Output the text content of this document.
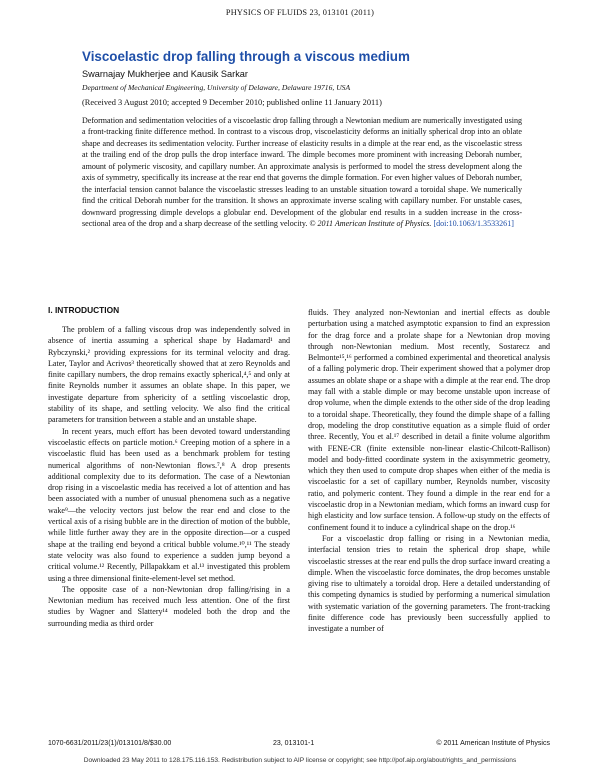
PHYSICS OF FLUIDS 23, 013101 (2011)
Viscoelastic drop falling through a viscous medium
Swarnajay Mukherjee and Kausik Sarkar
Department of Mechanical Engineering, University of Delaware, Delaware 19716, USA
(Received 3 August 2010; accepted 9 December 2010; published online 11 January 2011)

Deformation and sedimentation velocities of a viscoelastic drop falling through a Newtonian medium are numerically investigated using a front-tracking finite difference method. In contrast to a viscous drop, viscoelasticity deforms an initially spherical drop into an oblate shape and decreases its sedimentation velocity. Further increase of elasticity results in a dimple at the rear end, as the viscoelastic stress at the trailing end of the drop pulls the drop interface inward. The dimple becomes more prominent with increasing Deborah number, amount of polymeric viscosity, and capillary number. An approximate analysis is performed to model the stress development along the axis of symmetry, specifically its increase at the rear end that governs the dimple formation. For even higher values of Deborah number, the interfacial tension cannot balance the viscoelastic stresses leading to an unstable situation toward a toroidal shape. We numerically find the critical Deborah number for the transition. It shows an approximate inverse scaling with capillary number. For unstable cases, downward progressing dimple develops a globular end. Development of the globular end results in a sudden increase in the cross-sectional area of the drop and a sharp decrease of the settling velocity. © 2011 American Institute of Physics. [doi:10.1063/1.3533261]

I. INTRODUCTION

The problem of a falling viscous drop was independently solved in absence of inertia assuming a spherical shape by Hadamard¹ and Rybczynski,² providing expressions for its terminal velocity and drag. Later, Taylor and Acrivos³ theoretically showed that at zero Reynolds and finite capillary numbers, the drop remains exactly spherical,⁴,⁵ and only at finite Reynolds number it assumes an oblate shape. In this paper, we investigate departure from sphericity of a settling viscoelastic drop, stability of its shape, and settling velocity. We also find the critical parameters for transition between a stable and an unstable shape.

In recent years, much effort has been devoted toward understanding viscoelastic effects on particle motion.⁶ Creeping motion of a sphere in a viscoelastic fluid has been used as a benchmark problem for testing numerical algorithms of non-Newtonian flows.⁷,⁸ A drop presents additional complexity due to its deformation. The case of a Newtonian drop rising in a viscoelastic media has received a lot of attention and has been associated with a number of unusual phenomena such as a negative wake⁹—the velocity vectors just below the rear end and close to the vertical axis of a rising bubble are in the direction of motion of the bubble, while little further away they are in the opposite direction—or a cusped shape at the trailing end beyond a critical bubble volume.¹⁰,¹¹ The steady state velocity was also found to experience a sudden jump beyond a critical volume.¹² Recently, Pillapakkam et al.¹³ investigated this problem using a three dimensional finite-element-level set method.

The opposite case of a non-Newtonian drop falling/rising in a Newtonian medium has received much less attention. One of the first studies by Wagner and Slattery¹⁴ modeled both the drop and the surrounding media as third order

fluids. They analyzed non-Newtonian and inertial effects as double perturbation using a matched asymptotic expansion to find an expression for the drag force and a prolate shape for a Newtonian drop moving through non-Newtonian medium. Most recently, Sostarecz and Belmonte¹⁵,¹⁶ performed a combined experimental and theoretical analysis of a falling polymeric drop. Their experiment showed that a polymer drop assumes an oblate shape or a shape with a dimple at the rear end. The drop may fall with a stable dimple or may become unstable upon increase of drop volume, when the dimple extends to the other side of the drop leading to a toroidal shape. Theoretically, they found the dimple shape of a falling drop, modeling the drop constitutive equation as a simple fluid of order three. Recently, You et al.¹⁷ described in detail a finite volume algorithm with FENE-CR (finite extensible non-linear elastic-Chilcott-Rallison) model and body-fitted coordinate system in the axisymmetric geometry, which they then used to compute drop shapes when either of the media is viscoelastic for a set of capillary number, Reynolds number, viscosity ratio, and polymeric content. They found a dimple in the rear end for a viscoelastic drop in a Newtonian mediam, which forms an inward cusp for high elasticity and low surface tension. A follow-up study on the effects of confinement found it to induce a cylindrical shape on the drop.¹⁶

For a viscoelastic drop falling or rising in a Newtonian media, interfacial tension tries to retain the spherical drop shape, while viscoelastic stresses at the rear end pulls the drop surface inward creating a dimple. When the viscoelastic force dominates, the drop becomes unstable giving rise to ultimately a toroidal drop. Here a detailed understanding of this competing dynamics is studied by performing a numerical simulation with systematic variation of the governing parameters. The front-tracking finite difference code has previously been successfully applied to investigate a number of

1070-6631/2011/23(1)/013101/8/$30.00	23, 013101-1	© 2011 American Institute of Physics
Downloaded 23 May 2011 to 128.175.116.153. Redistribution subject to AIP license or copyright; see http://pof.aip.org/about/rights_and_permissions
